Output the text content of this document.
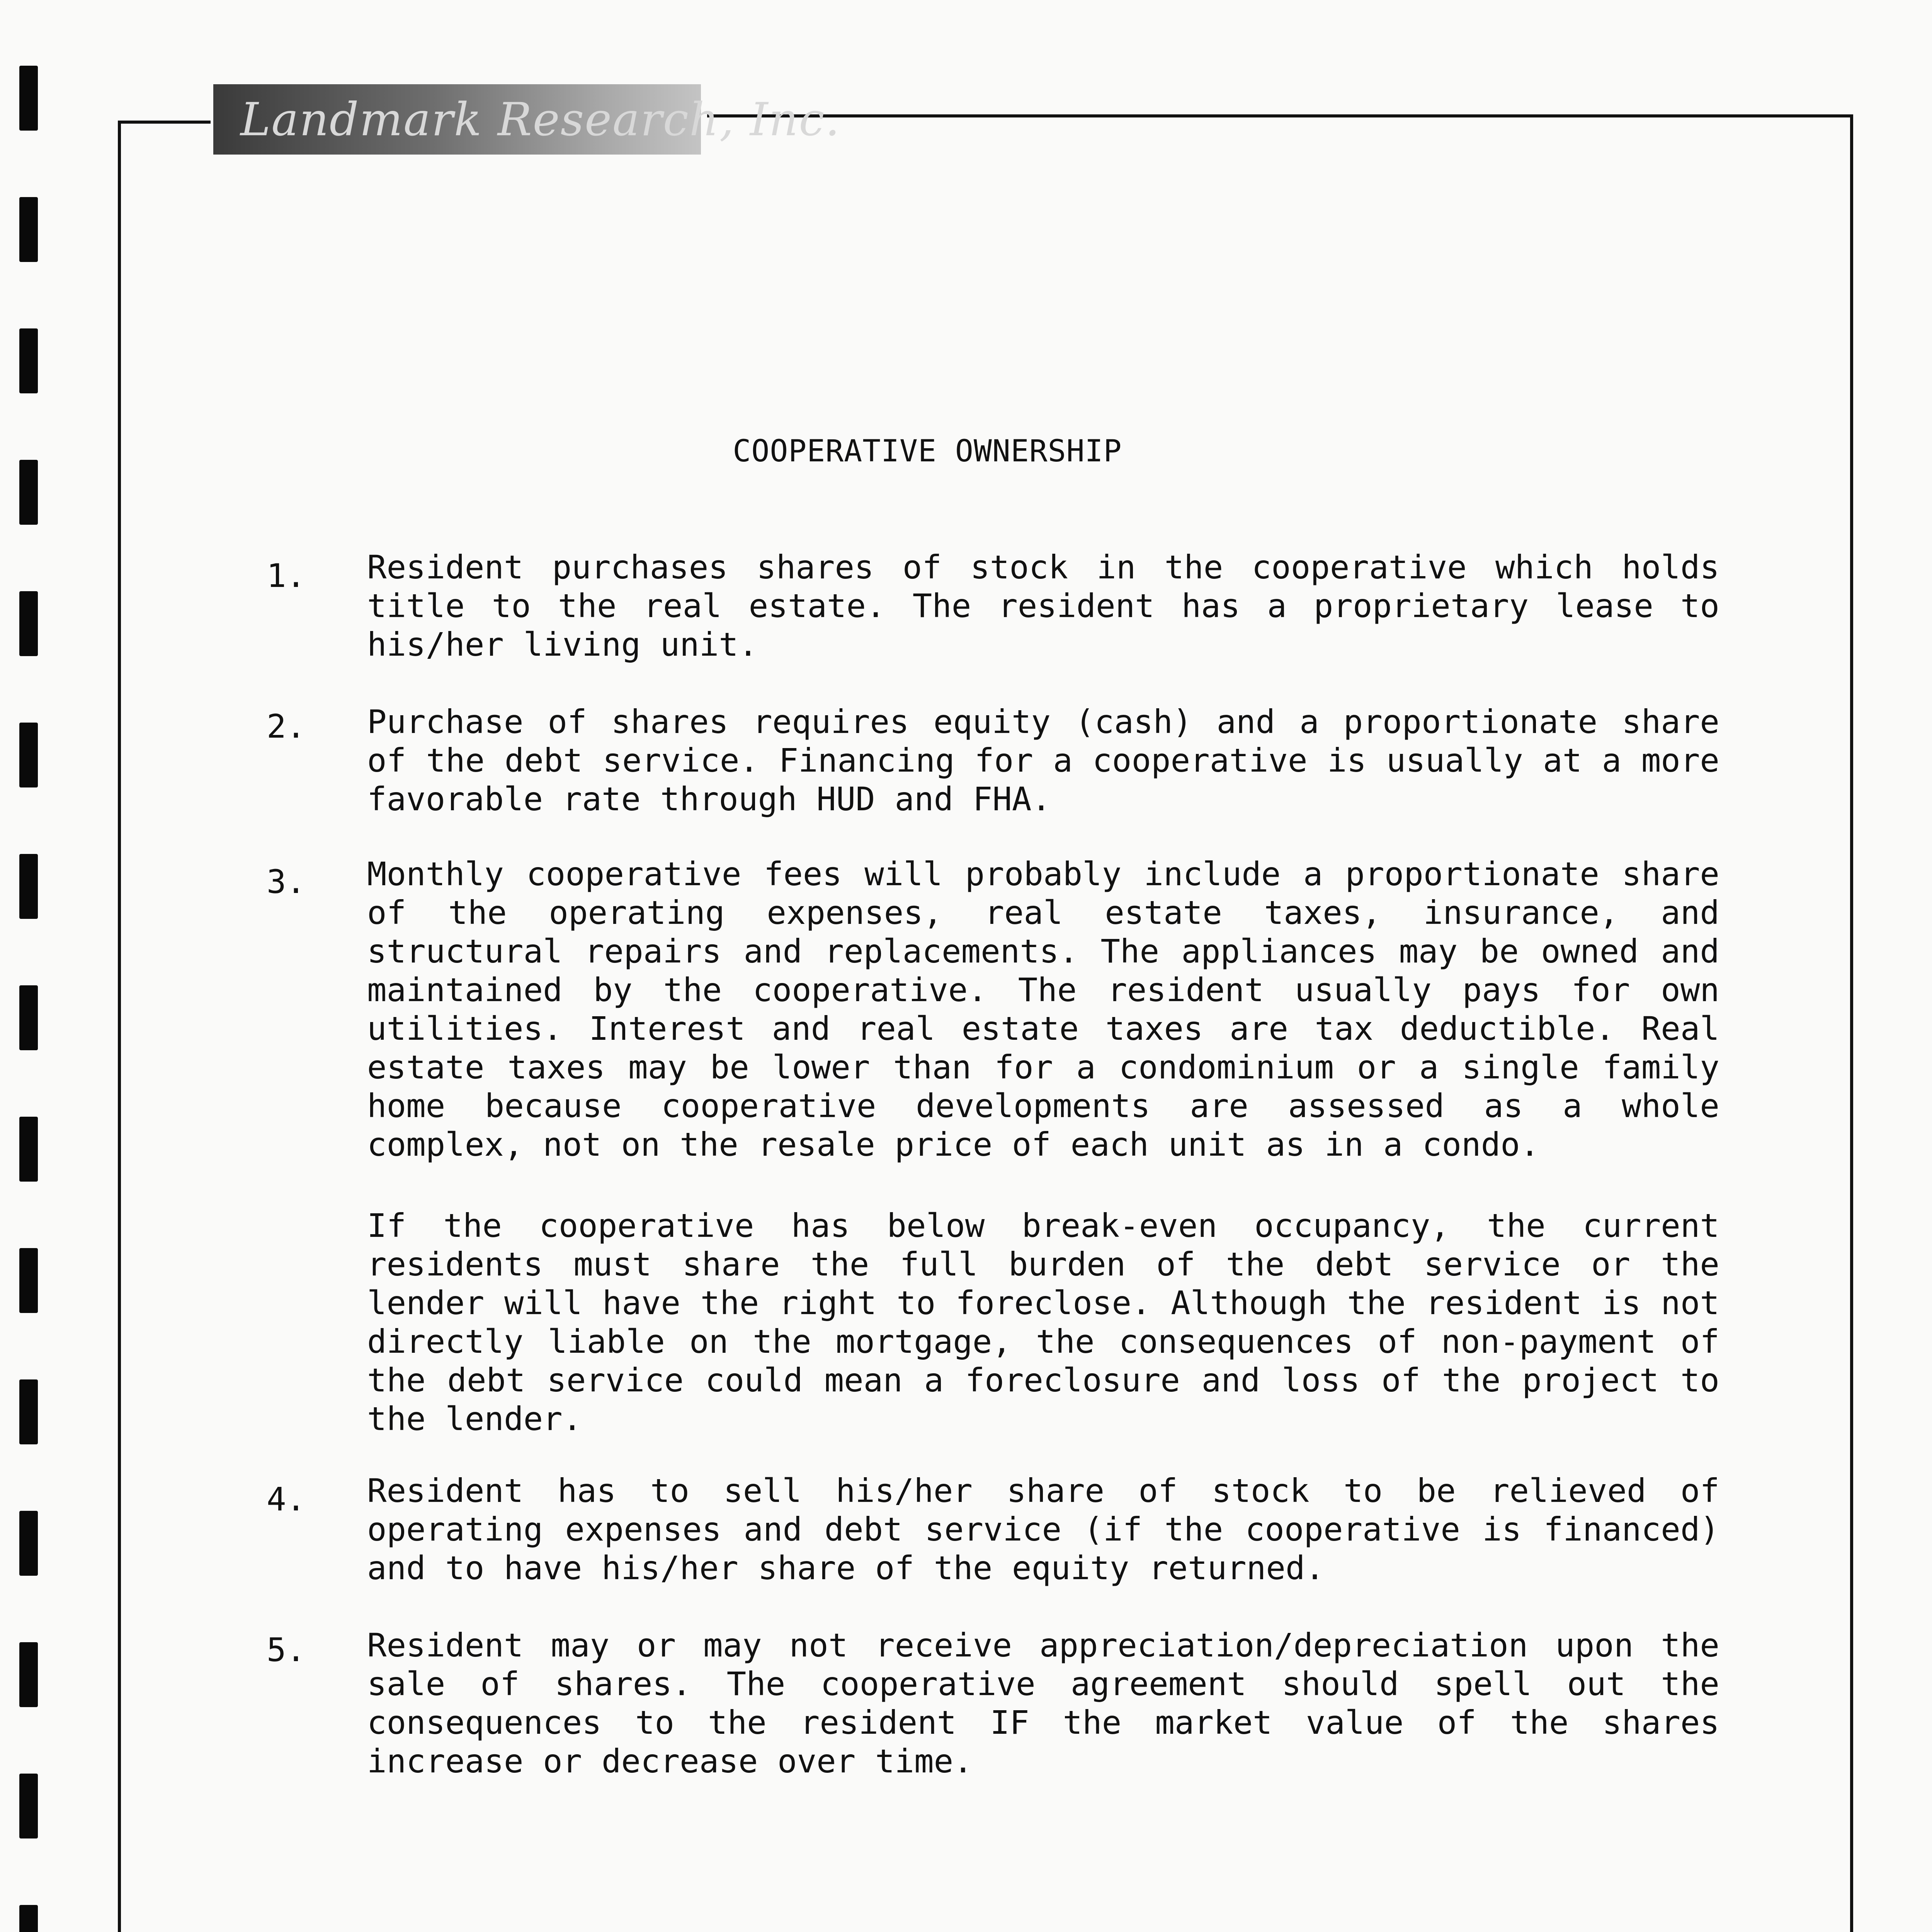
Landmark Research, Inc.
COOPERATIVE OWNERSHIP
1. Resident purchases shares of stock in the cooperative which holds title to the real estate. The resident has a proprietary lease to his/her living unit.
2. Purchase of shares requires equity (cash) and a proportionate share of the debt service. Financing for a cooperative is usually at a more favorable rate through HUD and FHA.
3. Monthly cooperative fees will probably include a proportionate share of the operating expenses, real estate taxes, insurance, and structural repairs and replacements. The appliances may be owned and maintained by the cooperative. The resident usually pays for own utilities. Interest and real estate taxes are tax deductible. Real estate taxes may be lower than for a condominium or a single family home because cooperative developments are assessed as a whole complex, not on the resale price of each unit as in a condo.
If the cooperative has below break-even occupancy, the current residents must share the full burden of the debt service or the lender will have the right to foreclose. Although the resident is not directly liable on the mortgage, the consequences of non-payment of the debt service could mean a foreclosure and loss of the project to the lender.
4. Resident has to sell his/her share of stock to be relieved of operating expenses and debt service (if the cooperative is financed) and to have his/her share of the equity returned.
5. Resident may or may not receive appreciation/depreciation upon the sale of shares. The cooperative agreement should spell out the consequences to the resident IF the market value of the shares increase or decrease over time.
